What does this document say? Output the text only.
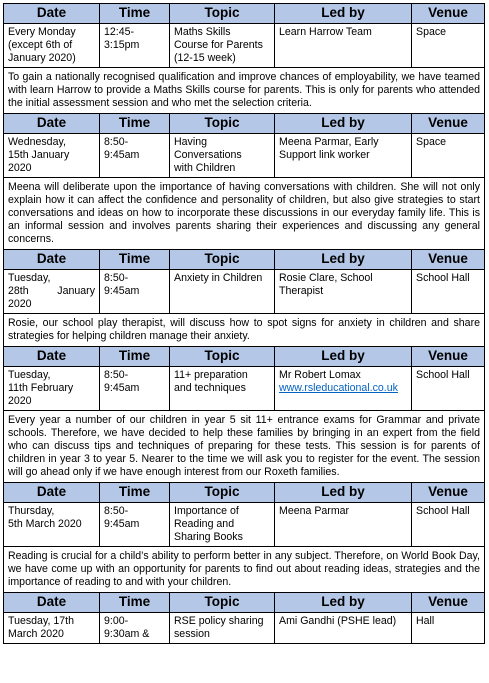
Date	Time	Topic	Led by	Venue
Every Monday
(except 6th of
January 2020)	12:45-
3:15pm	Maths Skills
Course for Parents
(12-15 week)	Learn Harrow Team	Space
To gain a nationally recognised qualification and improve chances of employability, we have teamed with learn Harrow to provide a Maths Skills course for parents. This is only for parents who attended the initial assessment session and who met the selection criteria.				
Date	Time	Topic	Led by	Venue
Wednesday,
15th January
2020	8:50-
9:45am	Having
Conversations
with Children	Meena Parmar, Early
Support link worker	Space
Meena will deliberate upon the importance of having conversations with children. She will not only explain how it can affect the confidence and personality of children, but also give strategies to start conversations and ideas on how to incorporate these discussions in our everyday family life. This is an informal session and involves parents sharing their experiences and discussing any general concerns.				
Date	Time	Topic	Led by	Venue
Tuesday,
28th January 2020	8:50-
9:45am	Anxiety in Children	Rosie Clare, School
Therapist	School Hall
Rosie, our school play therapist, will discuss how to spot signs for anxiety in children and share strategies for helping children manage their anxiety.				
Date	Time	Topic	Led by	Venue
Tuesday,
11th February
2020	8:50-
9:45am	11+ preparation
and techniques	Mr Robert Lomax
www.rsleducational.co.uk	School Hall
Every year a number of our children in year 5 sit 11+ entrance exams for Grammar and private schools. Therefore, we have decided to help these families by bringing in an expert from the field who can discuss tips and techniques of preparing for these tests. This session is for parents of children in year 3 to year 5. Nearer to the time we will ask you to register for the event. The session will go ahead only if we have enough interest from our Roxeth families.				
Date	Time	Topic	Led by	Venue
Thursday,
5th March 2020	8:50-
9:45am	Importance of
Reading and
Sharing Books	Meena Parmar	School Hall
Reading is crucial for a child’s ability to perform better in any subject. Therefore, on World Book Day, we have come up with an opportunity for parents to find out about reading ideas, strategies and the importance of reading to and with your children.				
Date	Time	Topic	Led by	Venue
Tuesday, 17th
March 2020	9:00-
9:30am &	RSE policy sharing
session	Ami Gandhi (PSHE lead)	Hall
